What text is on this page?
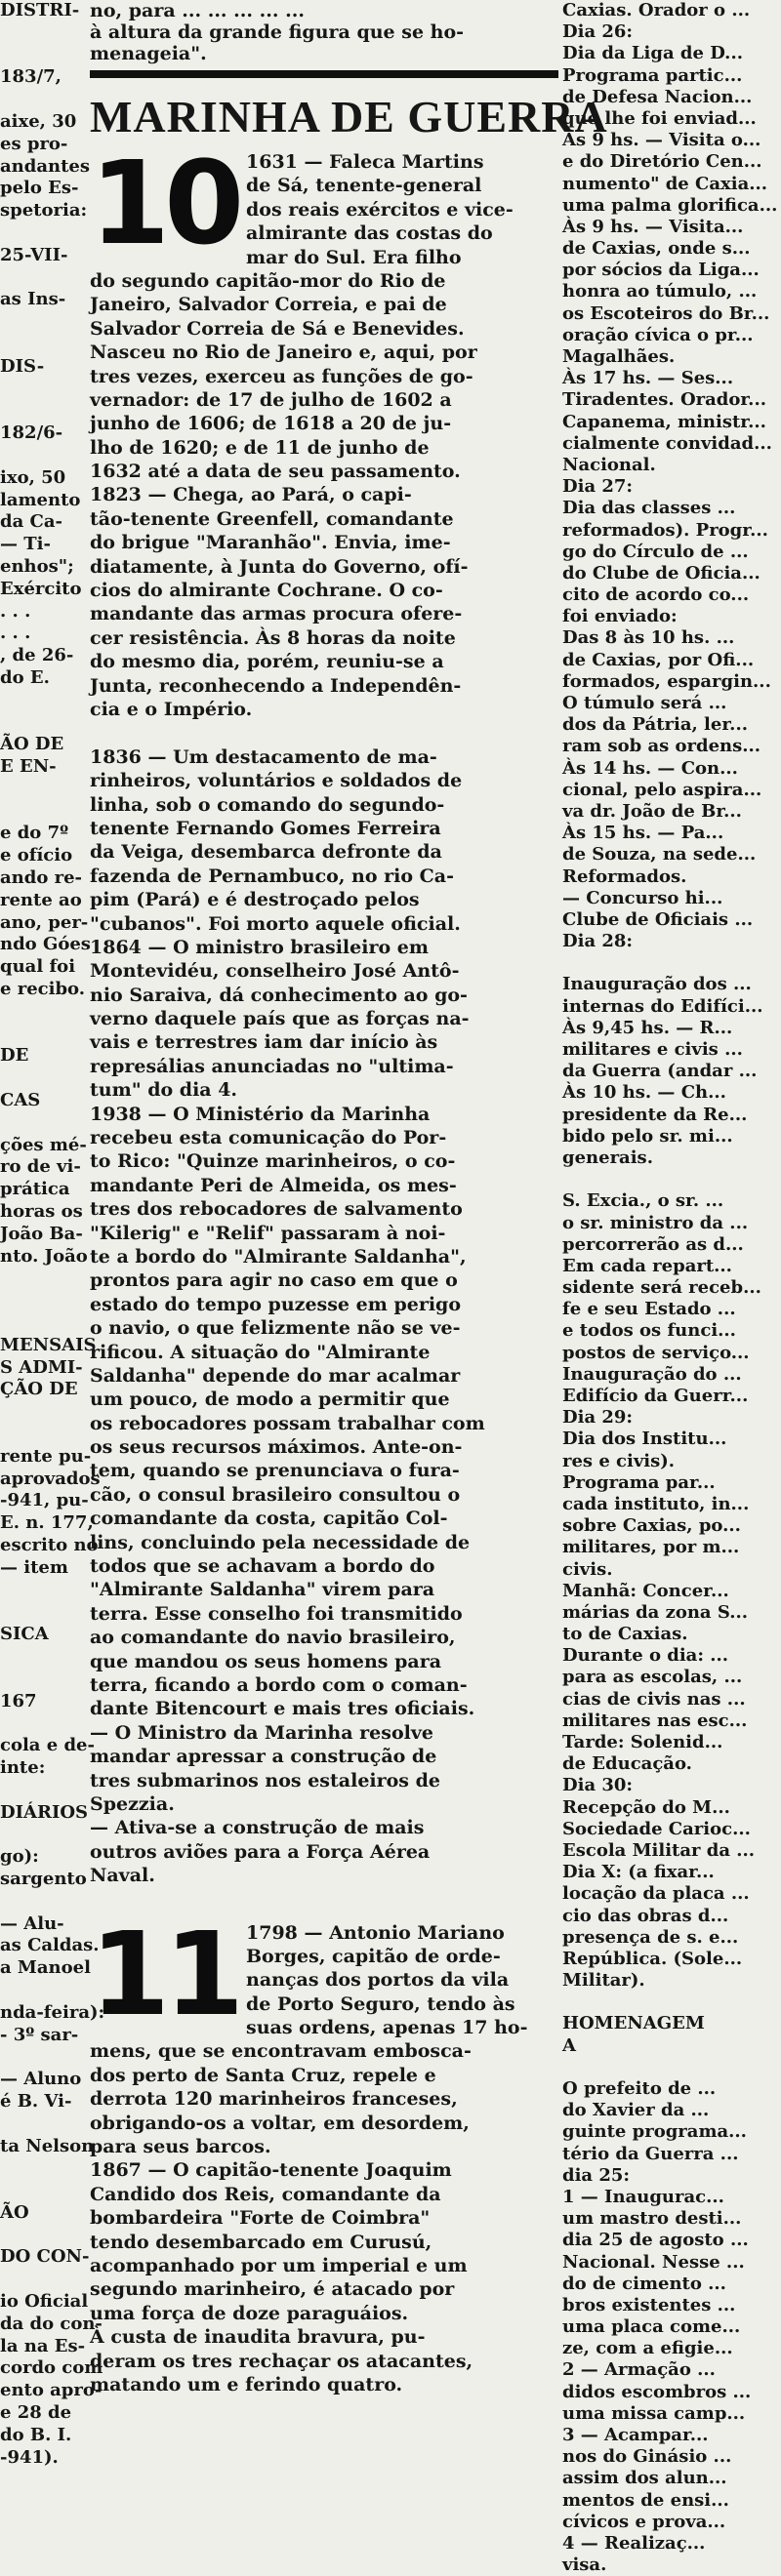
DISTRI-
183/7,
aixe, 30
es pro-
andantes
pelo Es-
spetoria:
25-VII-
as Ins-
DIS-
182/6-
ixo, 50
lamento
da Ca-
— Ti-
enhos";
Exército
. . .
. . .
, de 26-
do E.
ÃO DE
E EN-
e do 7º
e ofício
ando re-
rente ao
ano, per-
ndo Góes
qual foi
e recibo.
DE
CAS
ções mé-
ro de vi-
prática
horas os
João Ba-
nto. João
MENSAIS
S ADMI-
ÇÃO DE
rente pu-
aprovados
-941, pu-
E. n. 177,
escrito no
— item
SICA
167
cola e de-
inte:
DIÁRIOS
go):
sargento
— Alu-
as Caldas.
a Manoel
nda-feira):
- 3º sar-
— Aluno
é B. Vi-
ta Nelson
ÃO
DO CON-
io Oficial
da do con-
la na Es-
cordo com
ento apro-
e 28 de
do B. I.
-941).
no, para ... ... ... ... ...
à altura da grande figura que se ho-
menageia".
MARINHA DE GUERRA
10 1631 — Faleca Martins
de Sá, tenente-general
dos reais exércitos e vice-
almirante das costas do
mar do Sul. Era filho
do segundo capitão-mor do Rio de
Janeiro, Salvador Correia, e pai de
Salvador Correia de Sá e Benevides.
Nasceu no Rio de Janeiro e, aqui, por
tres vezes, exerceu as funções de go-
vernador: de 17 de julho de 1602 a
junho de 1606; de 1618 a 20 de ju-
lho de 1620; e de 11 de junho de
1632 até a data de seu passamento.
1823 — Chega, ao Pará, o capi-
tão-tenente Greenfell, comandante
do brigue "Maranhão". Envia, ime-
diatamente, à Junta do Governo, ofí-
cios do almirante Cochrane. O co-
mandante das armas procura ofere-
cer resistência. Às 8 horas da noite
do mesmo dia, porém, reuniu-se a
Junta, reconhecendo a Independên-
cia e o Império.
1836 — Um destacamento de ma-
rinheiros, voluntários e soldados de
linha, sob o comando do segundo-
tenente Fernando Gomes Ferreira
da Veiga, desembarca defronte da
fazenda de Pernambuco, no rio Ca-
pim (Pará) e é destroçado pelos
"cubanos". Foi morto aquele oficial.
1864 — O ministro brasileiro em
Montevidéu, conselheiro José Antô-
nio Saraiva, dá conhecimento ao go-
verno daquele país que as forças na-
vais e terrestres iam dar início às
represálias anunciadas no "ultima-
tum" do dia 4.
1938 — O Ministério da Marinha
recebeu esta comunicação do Por-
to Rico: "Quinze marinheiros, o co-
mandante Peri de Almeida, os mes-
tres dos rebocadores de salvamento
"Kilerig" e "Relif" passaram à noi-
te a bordo do "Almirante Saldanha",
prontos para agir no caso em que o
estado do tempo puzesse em perigo
o navio, o que felizmente não se ve-
rificou. A situação do "Almirante
Saldanha" depende do mar acalmar
um pouco, de modo a permitir que
os rebocadores possam trabalhar com
os seus recursos máximos. Ante-on-
tem, quando se prenunciava o fura-
cão, o consul brasileiro consultou o
comandante da costa, capitão Col-
lins, concluindo pela necessidade de
todos que se achavam a bordo do
"Almirante Saldanha" virem para
terra. Esse conselho foi transmitido
ao comandante do navio brasileiro,
que mandou os seus homens para
terra, ficando a bordo com o coman-
dante Bitencourt e mais tres oficiais.
— O Ministro da Marinha resolve
mandar apressar a construção de
tres submarinos nos estaleiros de
Spezzia.
— Ativa-se a construção de mais
outros aviões para a Força Aérea
Naval.
11 1798 — Antonio Mariano
Borges, capitão de orde-
nanças dos portos da vila
de Porto Seguro, tendo às
suas ordens, apenas 17 ho-
mens, que se encontravam emboscа-
dos perto de Santa Cruz, repele e
derrota 120 marinheiros franceses,
obrigando-os a voltar, em desordem,
para seus barcos.
1867 — O capitão-tenente Joaquim
Candido dos Reis, comandante da
bombardeira "Forte de Coimbra"
tendo desembarcado em Curusú,
acompanhado por um imperial e um
segundo marinheiro, é atacado por
uma força de doze paraguáios.
À custa de inaudita bravura, pu-
deram os tres rechaçar os atacantes,
matando um e ferindo quatro.
Caxias. Orador o ...
Dia 26:
Dia da Liga de D...
Programa partic...
de Defesa Nacion...
que lhe foi enviad...
Às 9 hs. — Visita o...
e do Diretório Cen...
numento" de Caxia...
uma palma glorifica...
Às 9 hs. — Visita...
de Caxias, onde s...
por sócios da Liga...
honra ao túmulo, ...
os Escoteiros do Br...
oração cívica o pr...
Magalhães.
Às 17 hs. — Ses...
Tiradentes. Orador...
Capanema, ministr...
cialmente convidad...
Nacional.
Dia 27:
Dia das classes ...
reformados). Progr...
go do Círculo de ...
do Clube de Oficia...
cito de acordo co...
foi enviado:
Das 8 às 10 hs. ...
de Caxias, por Ofi...
formados, espargin...
O túmulo será ...
dos da Pátria, ler...
ram sob as ordens...
Às 14 hs. — Con...
cional, pelo aspira...
va dr. João de Br...
Às 15 hs. — Pa...
de Souza, na sede...
Reformados.
— Concurso hi...
Clube de Oficiais ...
Dia 28:
Inauguração dos ...
internas do Edifíci...
Às 9,45 hs. — R...
militares e civis ...
da Guerra (andar ...
Às 10 hs. — Ch...
presidente da Re...
bido pelo sr. mi...
generais.
S. Excia., o sr. ...
o sr. ministro da ...
percorrerão as d...
Em cada repart...
sidente será receb...
fe e seu Estado ...
e todos os funci...
postos de serviço...
Inauguração do ...
Edifício da Guerr...
Dia 29:
Dia dos Institu...
res e civis).
Programa par...
cada instituto, in...
sobre Caxias, po...
militares, por m...
civis.
Manhã: Concer...
márias da zona S...
to de Caxias.
Durante o dia: ...
para as escolas, ...
cias de civis nas ...
militares nas esc...
Tarde: Solenid...
de Educação.
Dia 30:
Recepção do M...
Sociedade Carioc...
Escola Militar da ...
Dia X: (a fixar...
locação da placa ...
cio das obras d...
presença de s. e...
República. (Sole...
Militar).
HOMENAGEM
A
O prefeito de ...
do Xavier da ...
guinte programa...
tério da Guerra ...
dia 25:
1 — Inaugurac...
um mastro desti...
dia 25 de agosto ...
Nacional. Nesse ...
do de cimento ...
bros existentes ...
uma placa come...
ze, com a efigie...
2 — Armação ...
didos escombros ...
uma missa camp...
3 — Acampar...
nos do Ginásio ...
assim dos alun...
mentos de ensi...
cívicos e prova...
4 — Realizaç...
visa.
